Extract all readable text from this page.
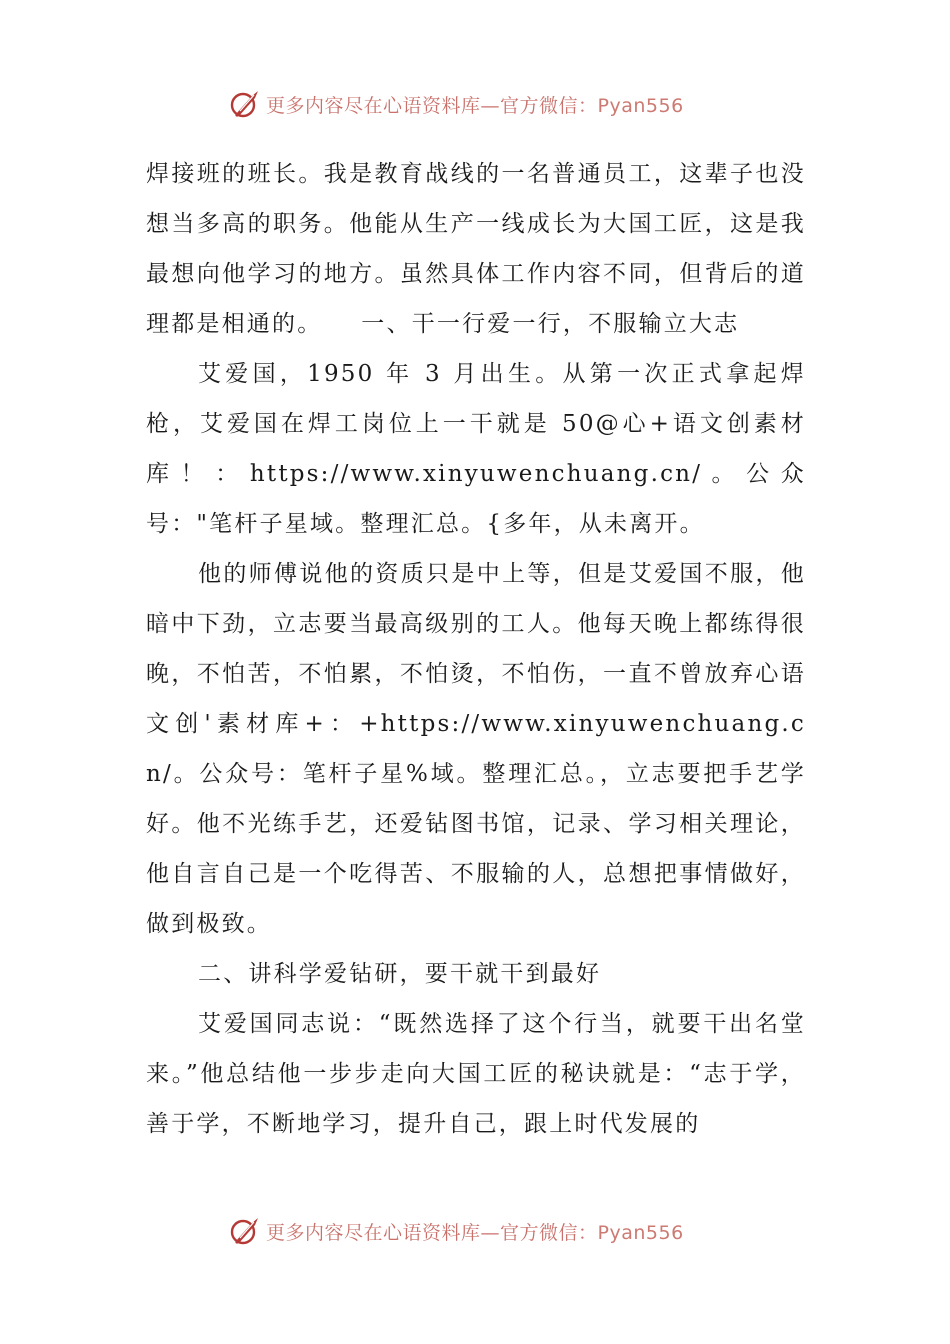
更多内容尽在心语资料库—官方微信：Pyan556

焊接班的班长。我是教育战线的一名普通员工，这辈子也没想当多高的职务。他能从生产一线成长为大国工匠，这是我最想向他学习的地方。虽然具体工作内容不同，但背后的道理都是相通的。　　一、干一行爱一行，不服输立大志

艾爱国，1950 年 3 月出生。从第一次正式拿起焊枪，艾爱国在焊工岗位上一干就是 50@心+语文创素材库！：https://www.xinyuwenchuang.cn/。公众号："笔杆子星域。整理汇总。{多年，从未离开。

他的师傅说他的资质只是中上等，但是艾爱国不服，他暗中下劲，立志要当最高级别的工人。他每天晚上都练得很晚，不怕苦，不怕累，不怕烫，不怕伤，一直不曾放弃心语文创'素材库+：+https://www.xinyuwenchuang.cn/。公众号：笔杆子星%域。整理汇总。，立志要把手艺学好。他不光练手艺，还爱钻图书馆，记录、学习相关理论，他自言自己是一个吃得苦、不服输的人，总想把事情做好，做到极致。

二、讲科学爱钻研，要干就干到最好

艾爱国同志说：“既然选择了这个行当，就要干出名堂来。”他总结他一步步走向大国工匠的秘诀就是：“志于学，善于学，不断地学习，提升自己，跟上时代发展的

更多内容尽在心语资料库—官方微信：Pyan556
